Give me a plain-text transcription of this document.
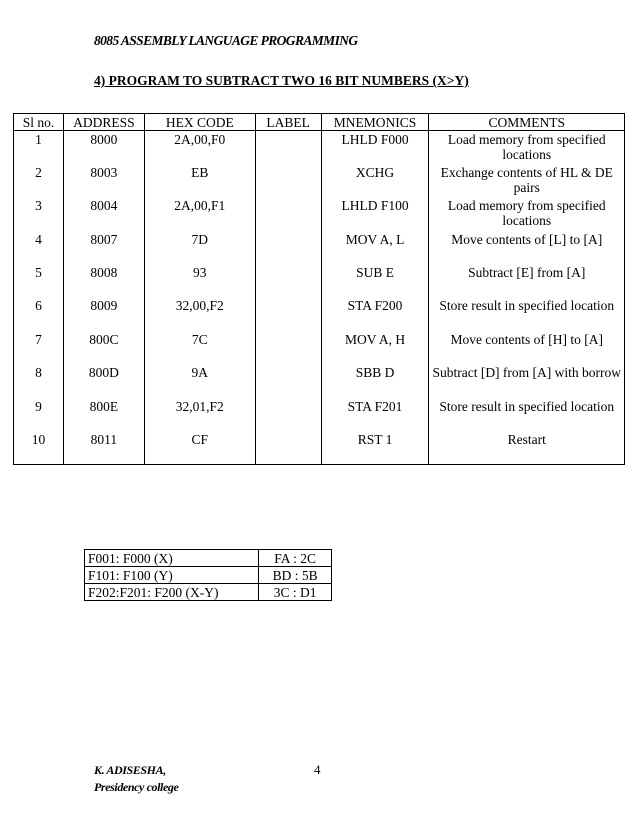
8085 ASSEMBLY LANGUAGE PROGRAMMING
4) PROGRAM TO SUBTRACT TWO 16 BIT NUMBERS (X>Y)
Sl no.	ADDRESS	HEX CODE	LABEL	MNEMONICS	COMMENTS
1	8000	2A,00,F0		LHLD F000	Load memory from specified locations
2	8003	EB		XCHG	Exchange contents of HL & DE pairs
3	8004	2A,00,F1		LHLD F100	Load memory from specified locations
4	8007	7D		MOV A, L	Move contents of [L] to [A]
5	8008	93		SUB E	Subtract [E] from [A]
6	8009	32,00,F2		STA F200	Store result in specified location
7	800C	7C		MOV A, H	Move contents of [H] to [A]
8	800D	9A		SBB D	Subtract [D] from [A] with borrow
9	800E	32,01,F2		STA F201	Store result in specified location
10	8011	CF		RST 1	Restart
F001: F000 (X)	FA : 2C
F101: F100 (Y)	BD : 5B
F202:F201: F200 (X-Y)	3C : D1
K. ADISESHA,
Presidency college
4
